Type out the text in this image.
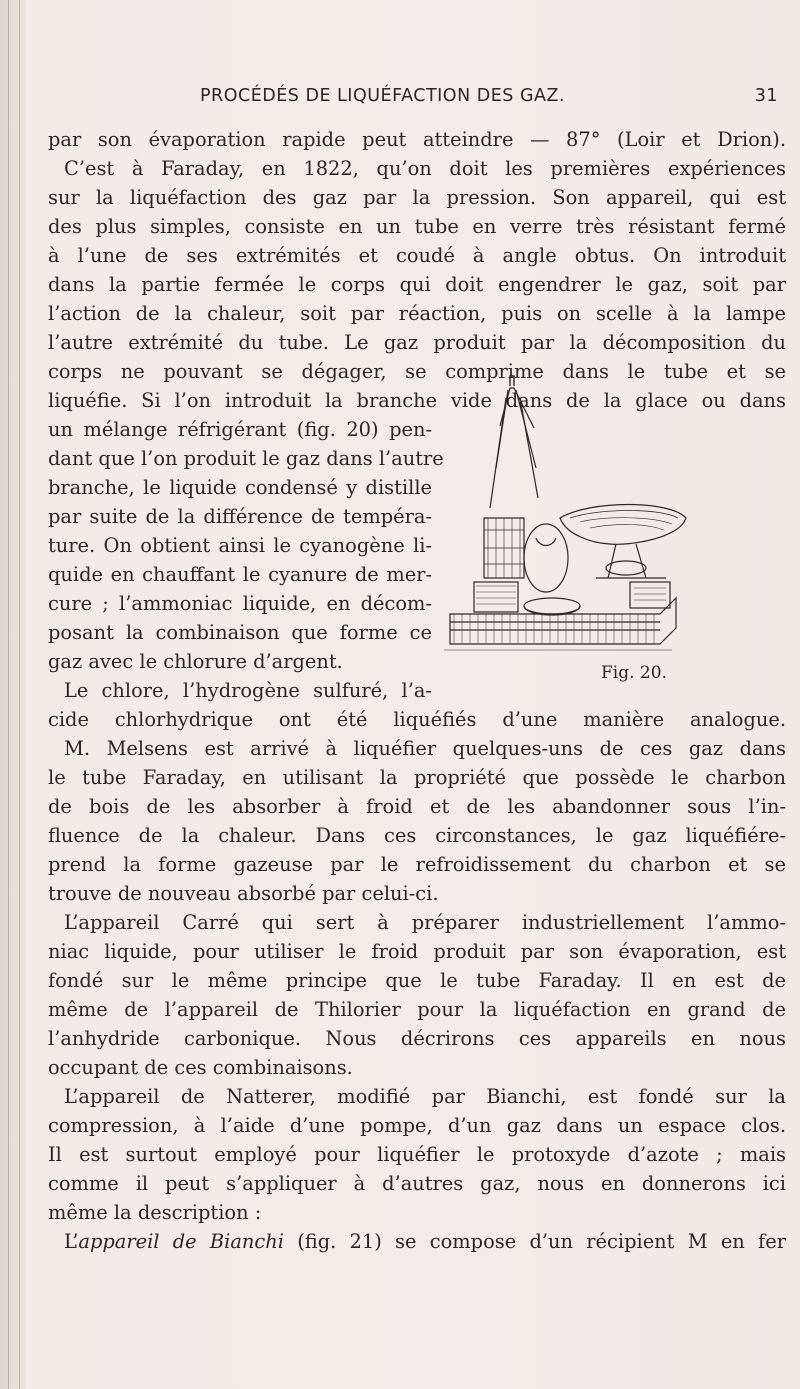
PROCÉDÉS DE LIQUÉFACTION DES GAZ.	31
par son évaporation rapide peut atteindre — 87° (Loir et Drion).
C’est à Faraday, en 1822, qu’on doit les premières expériences
sur la liquéfaction des gaz par la pression. Son appareil, qui est
des plus simples, consiste en un tube en verre très résistant fermé
à l’une de ses extrémités et coudé à angle obtus. On introduit
dans la partie fermée le corps qui doit engendrer le gaz, soit par
l’action de la chaleur, soit par réaction, puis on scelle à la lampe
l’autre extrémité du tube. Le gaz produit par la décomposition du
corps ne pouvant se dégager, se comprime dans le tube et se
liquéfie. Si l’on introduit la branche vide dans de la glace ou dans
un mélange réfrigérant (fig. 20) pen-
dant que l’on produit le gaz dans l’autre
branche, le liquide condensé y distille
par suite de la différence de tempéra-
ture. On obtient ainsi le cyanogène li-
quide en chauffant le cyanure de mer-
cure ; l’ammoniac liquide, en décom-
posant la combinaison que forme ce
gaz avec le chlorure d’argent.
Le chlore, l’hydrogène sulfuré, l’a-
cide chlorhydrique ont été liquéfiés d’une manière analogue.
M. Melsens est arrivé à liquéfier quelques-uns de ces gaz dans
le tube Faraday, en utilisant la propriété que possède le charbon
de bois de les absorber à froid et de les abandonner sous l’in-
fluence de la chaleur. Dans ces circonstances, le gaz liquéfiére-
prend la forme gazeuse par le refroidissement du charbon et se
trouve de nouveau absorbé par celui-ci.
L’appareil Carré qui sert à préparer industriellement l’ammo-
niac liquide, pour utiliser le froid produit par son évaporation, est
fondé sur le même principe que le tube Faraday. Il en est de
même de l’appareil de Thilorier pour la liquéfaction en grand de
l’anhydride carbonique. Nous décrirons ces appareils en nous
occupant de ces combinaisons.
L’appareil de Natterer, modifié par Bianchi, est fondé sur la
compression, à l’aide d’une pompe, d’un gaz dans un espace clos.
Il est surtout employé pour liquéfier le protoxyde d’azote ; mais
comme il peut s’appliquer à d’autres gaz, nous en donnerons ici
même la description :
L’appareil de Bianchi (fig. 21) se compose d’un récipient M en fer
Fig. 20.
